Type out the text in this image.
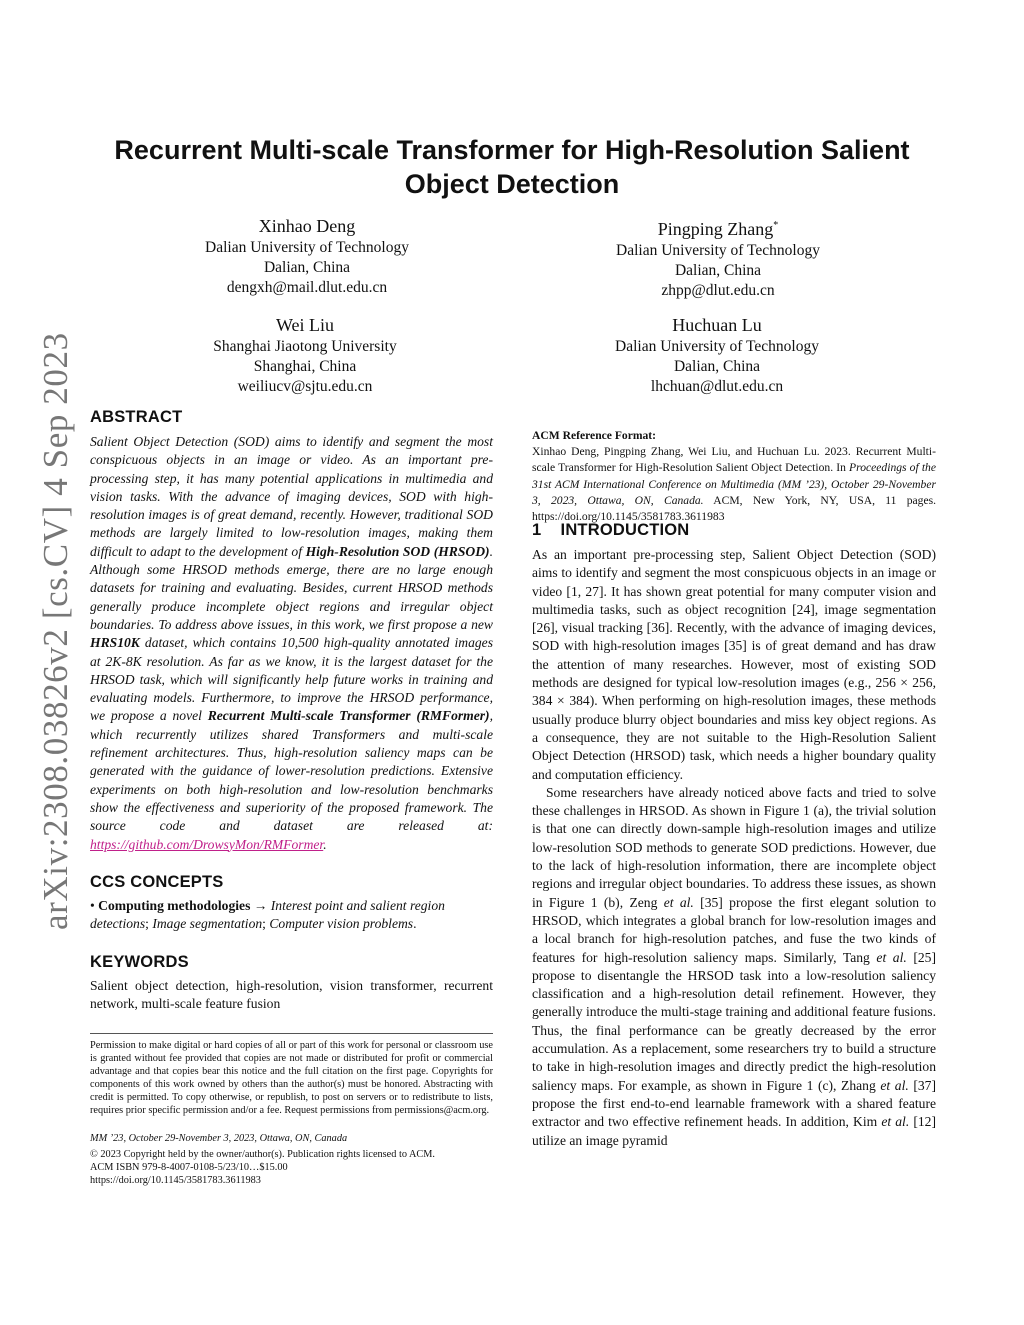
arXiv:2308.03826v2 [cs.CV] 4 Sep 2023
Recurrent Multi-scale Transformer for High-Resolution Salient
Object Detection
Xinhao Deng
Dalian University of Technology
Dalian, China
dengxh@mail.dlut.edu.cn
Pingping Zhang*
Dalian University of Technology
Dalian, China
zhpp@dlut.edu.cn
Wei Liu
Shanghai Jiaotong University
Shanghai, China
weiliucv@sjtu.edu.cn
Huchuan Lu
Dalian University of Technology
Dalian, China
lhchuan@dlut.edu.cn
ABSTRACT
Salient Object Detection (SOD) aims to identify and segment the most conspicuous objects in an image or video. As an important pre-processing step, it has many potential applications in multimedia and vision tasks. With the advance of imaging devices, SOD with high-resolution images is of great demand, recently. However, traditional SOD methods are largely limited to low-resolution images, making them difficult to adapt to the development of High-Resolution SOD (HRSOD). Although some HRSOD methods emerge, there are no large enough datasets for training and evaluating. Besides, current HRSOD methods generally produce incomplete object regions and irregular object boundaries. To address above issues, in this work, we first propose a new HRS10K dataset, which contains 10,500 high-quality annotated images at 2K-8K resolution. As far as we know, it is the largest dataset for the HRSOD task, which will significantly help future works in training and evaluating models. Furthermore, to improve the HRSOD performance, we propose a novel Recurrent Multi-scale Transformer (RMFormer), which recurrently utilizes shared Transformers and multi-scale refinement architectures. Thus, high-resolution saliency maps can be generated with the guidance of lower-resolution predictions. Extensive experiments on both high-resolution and low-resolution benchmarks show the effectiveness and superiority of the proposed framework. The source code and dataset are released at: https://github.com/DrowsyMon/RMFormer.
CCS CONCEPTS
• Computing methodologies → Interest point and salient region detections; Image segmentation; Computer vision problems.
KEYWORDS
Salient object detection, high-resolution, vision transformer, recurrent network, multi-scale feature fusion
Permission to make digital or hard copies of all or part of this work for personal or classroom use is granted without fee provided that copies are not made or distributed for profit or commercial advantage and that copies bear this notice and the full citation on the first page. Copyrights for components of this work owned by others than the author(s) must be honored. Abstracting with credit is permitted. To copy otherwise, or republish, to post on servers or to redistribute to lists, requires prior specific permission and/or a fee. Request permissions from permissions@acm.org.
MM ’23, October 29-November 3, 2023, Ottawa, ON, Canada
© 2023 Copyright held by the owner/author(s). Publication rights licensed to ACM.
ACM ISBN 979-8-4007-0108-5/23/10…$15.00
https://doi.org/10.1145/3581783.3611983
ACM Reference Format:
Xinhao Deng, Pingping Zhang, Wei Liu, and Huchuan Lu. 2023. Recurrent Multi-scale Transformer for High-Resolution Salient Object Detection. In Proceedings of the 31st ACM International Conference on Multimedia (MM ’23), October 29-November 3, 2023, Ottawa, ON, Canada. ACM, New York, NY, USA, 11 pages. https://doi.org/10.1145/3581783.3611983
1 INTRODUCTION

As an important pre-processing step, Salient Object Detection (SOD) aims to identify and segment the most conspicuous objects in an image or video [1, 27]. It has shown great potential for many computer vision and multimedia tasks, such as object recognition [24], image segmentation [26], visual tracking [36]. Recently, with the advance of imaging devices, SOD with high-resolution images [35] is of great demand and has draw the attention of many researches. However, most of existing SOD methods are designed for typical low-resolution images (e.g., 256 × 256, 384 × 384). When performing on high-resolution images, these methods usually produce blurry object boundaries and miss key object regions. As a consequence, they are not suitable to the High-Resolution Salient Object Detection (HRSOD) task, which needs a higher boundary quality and computation efficiency.

Some researchers have already noticed above facts and tried to solve these challenges in HRSOD. As shown in Figure 1 (a), the trivial solution is that one can directly down-sample high-resolution images and utilize low-resolution SOD methods to generate SOD predictions. However, due to the lack of high-resolution information, there are incomplete object regions and irregular object boundaries. To address these issues, as shown in Figure 1 (b), Zeng et al. [35] propose the first elegant solution to HRSOD, which integrates a global branch for low-resolution images and a local branch for high-resolution patches, and fuse the two kinds of features for high-resolution saliency maps. Similarly, Tang et al. [25] propose to disentangle the HRSOD task into a low-resolution saliency classification and a high-resolution detail refinement. However, they generally introduce the multi-stage training and additional feature fusions. Thus, the final performance can be greatly decreased by the error accumulation. As a replacement, some researchers try to build a structure to take in high-resolution images and directly predict the high-resolution saliency maps. For example, as shown in Figure 1 (c), Zhang et al. [37] propose the first end-to-end learnable framework with a shared feature extractor and two effective refinement heads. In addition, Kim et al. [12] utilize an image pyramid
